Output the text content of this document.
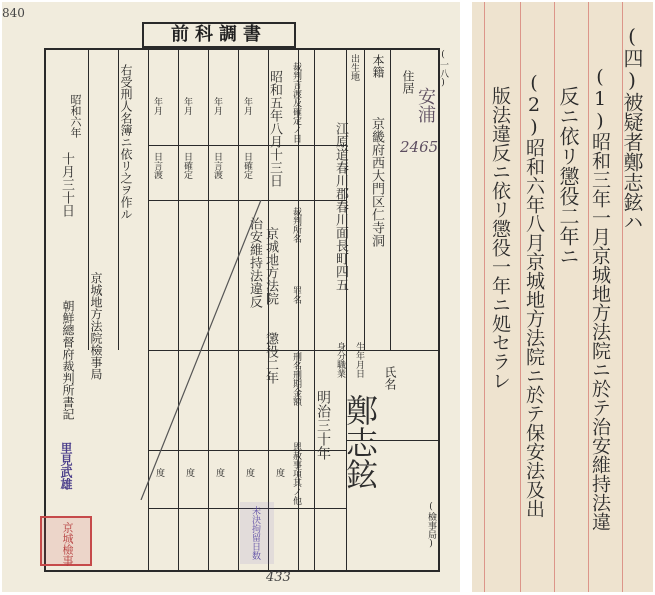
840
前科調書
(一八)
安浦
2465
住居
本籍
出生地
京畿府西大門区仁寺洞
江原道春川郡春川面長町四五
氏名
生年月日
身分職業
鄭志鉉
明治三十年
裁判言渡及確定ノ日
裁判所名
罪名
刑名刑期金額
恩赦事項其ノ他
年月
日言渡
年月
日確定
年月
日言渡
年月
日確定 昭和五年八月十三日
京城地方法院
治安維持法違反
懲役二年
度 度 度 度 度
右受刑人名簿ニ依リ之ヲ作ル
昭和六年
十月三十日
京城地方法院檢事局
朝鮮總督府裁判所書記
里見武雄
(檢事局)
京城檢事	未決拘留日数
433
(四)被疑者鄭志鉉ハ
(1)昭和三年一月京城地方法院ニ於テ治安維持法違
反ニ依リ懲役二年ニ
(2)昭和六年八月京城地方法院ニ於テ保安法及出
版法違反ニ依リ懲役一年ニ処セラレ
